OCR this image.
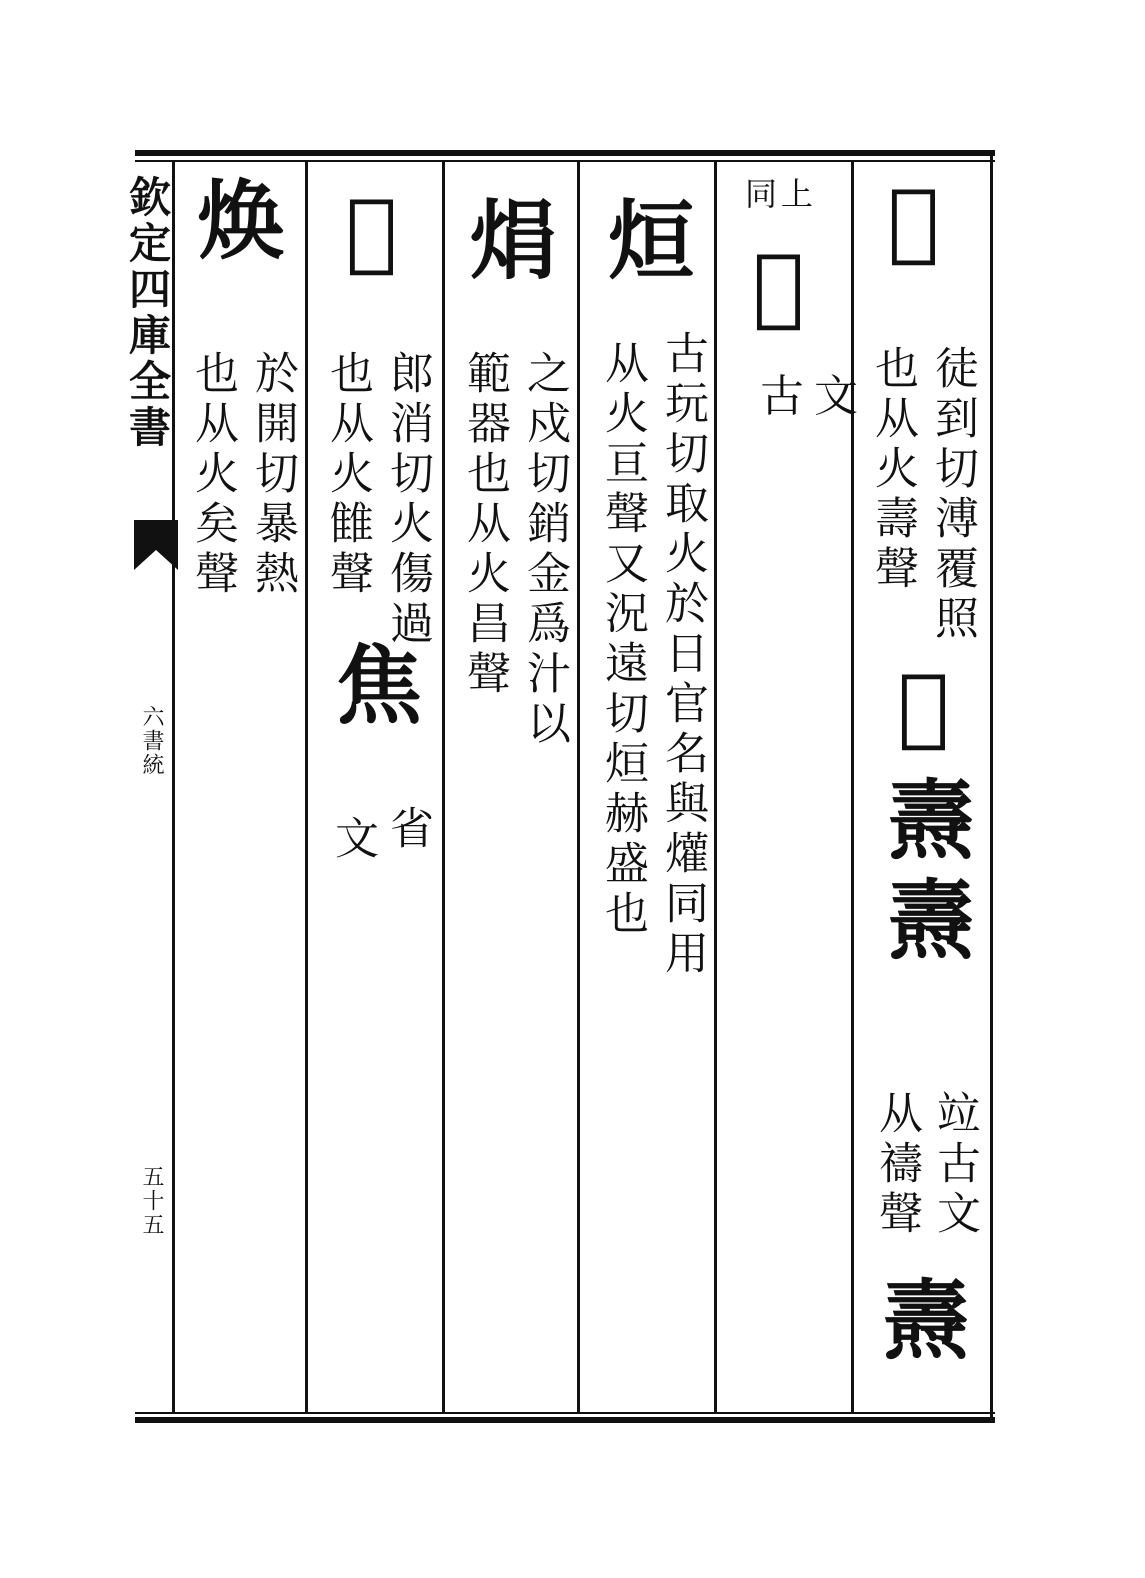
欽定四庫全書
六書統
五十五
𤍫
徒到切溥覆照
也从火壽聲
𤐣
燾燾
竝古文
从禱聲
燾
同上
𤍫
古文
烜
古玩切取火於日官名與爟同用
从火亘聲又況遠切烜赫盛也
焆
之戍切銷金爲汁以
範器也从火昌聲
𤓰
郎消切火傷過
也从火雔聲
焦
省
文
焕
於開切暴熱
也从火矣聲
